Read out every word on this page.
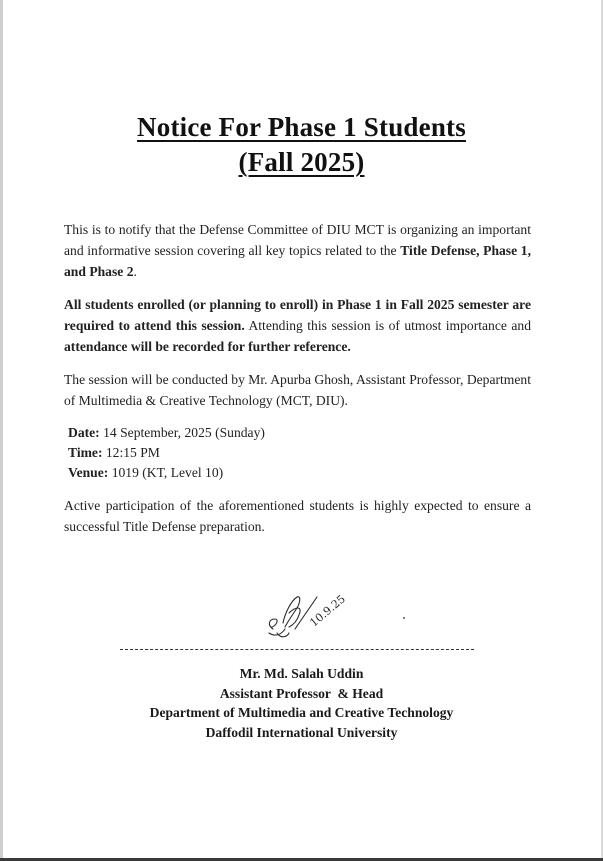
Notice For Phase 1 Students
(Fall 2025)

This is to notify that the Defense Committee of DIU MCT is organizing an important and informative session covering all key topics related to the Title Defense, Phase 1, and Phase 2.

All students enrolled (or planning to enroll) in Phase 1 in Fall 2025 semester are required to attend this session. Attending this session is of utmost importance and attendance will be recorded for further reference.

The session will be conducted by Mr. Apurba Ghosh, Assistant Professor, Department of Multimedia & Creative Technology (MCT, DIU).

Date: 14 September, 2025 (Sunday)
Time: 12:15 PM
Venue: 1019 (KT, Level 10)

Active participation of the aforementioned students is highly expected to ensure a successful Title Defense preparation.

10.9.25
Mr. Md. Salah Uddin
Assistant Professor  & Head
Department of Multimedia and Creative Technology
Daffodil International University
